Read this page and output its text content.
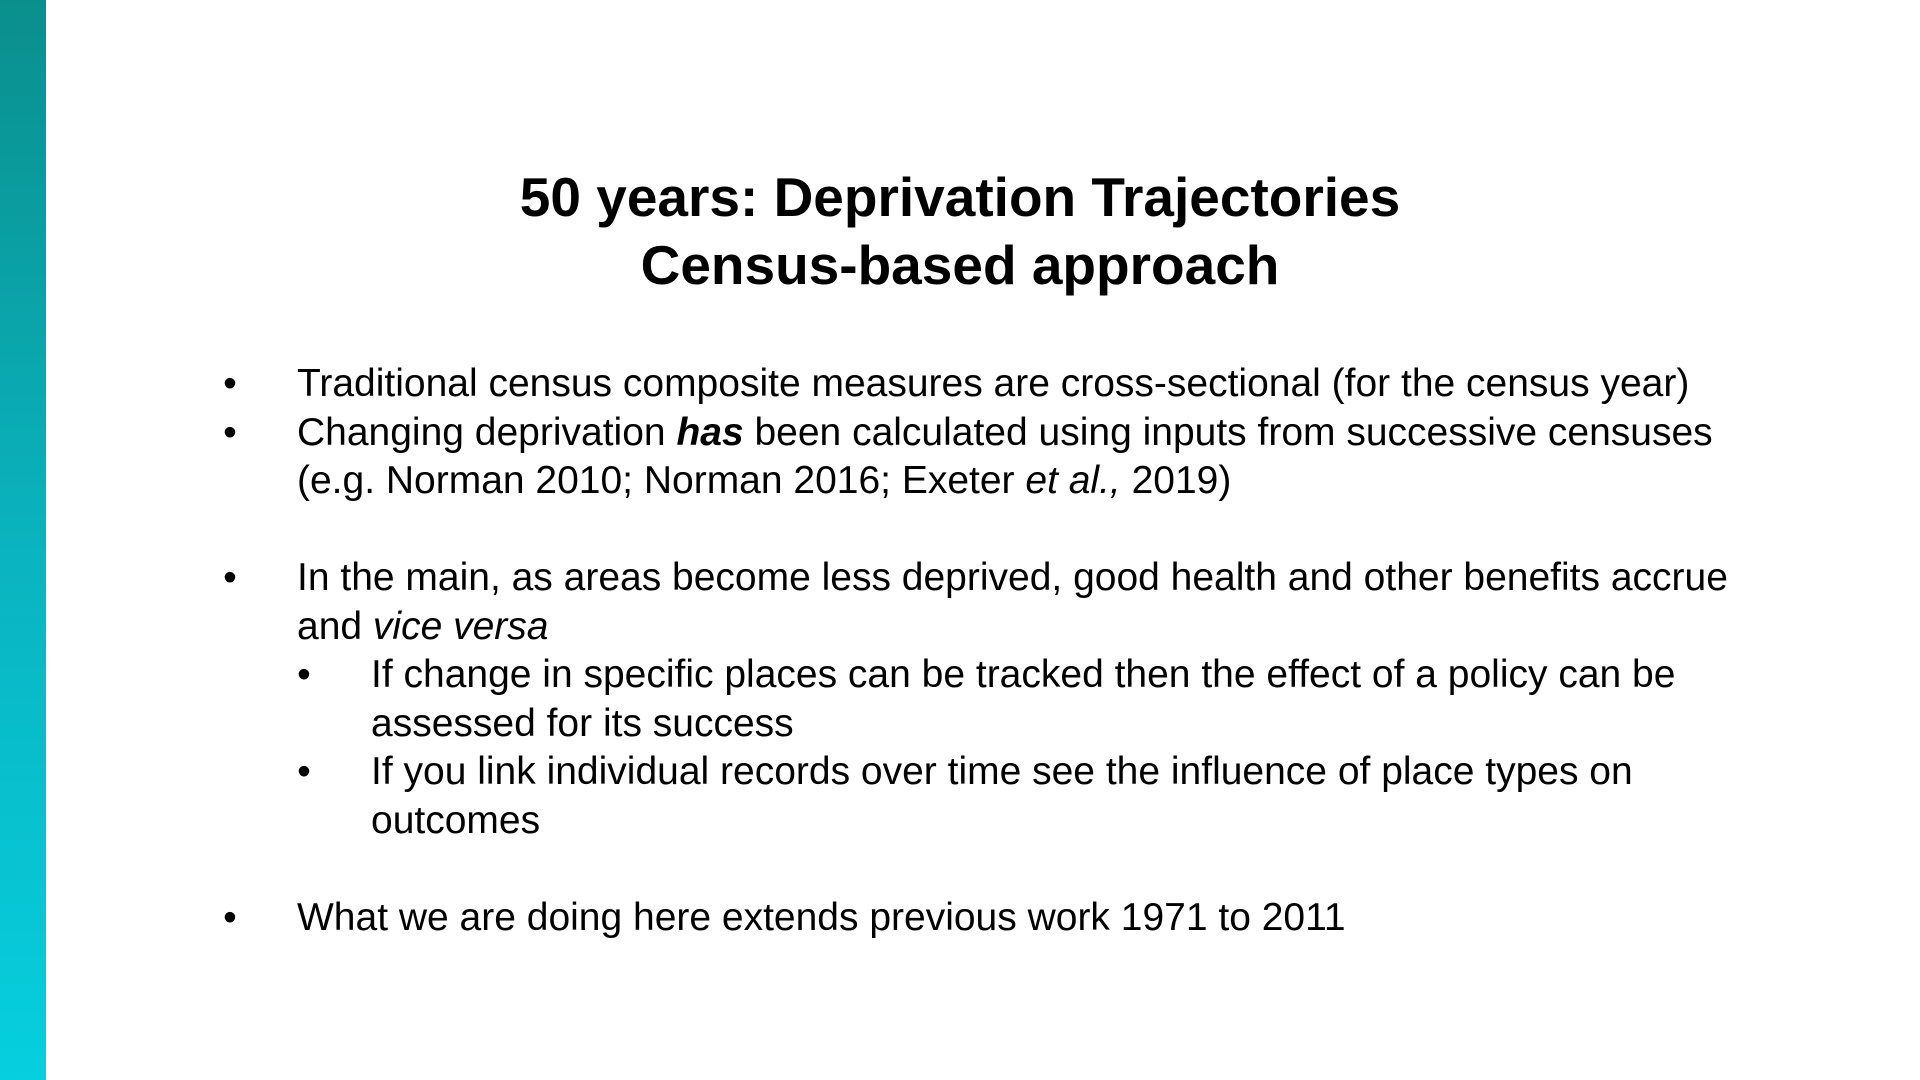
50 years: Deprivation Trajectories
Census-based approach
• Traditional census composite measures are cross-sectional (for the census year)
• Changing deprivation has been calculated using inputs from successive censuses (e.g. Norman 2010; Norman 2016; Exeter et al., 2019)
• In the main, as areas become less deprived, good health and other benefits accrue and vice versa
• If change in specific places can be tracked then the effect of a policy can be assessed for its success
• If you link individual records over time see the influence of place types on outcomes
• What we are doing here extends previous work 1971 to 2011
